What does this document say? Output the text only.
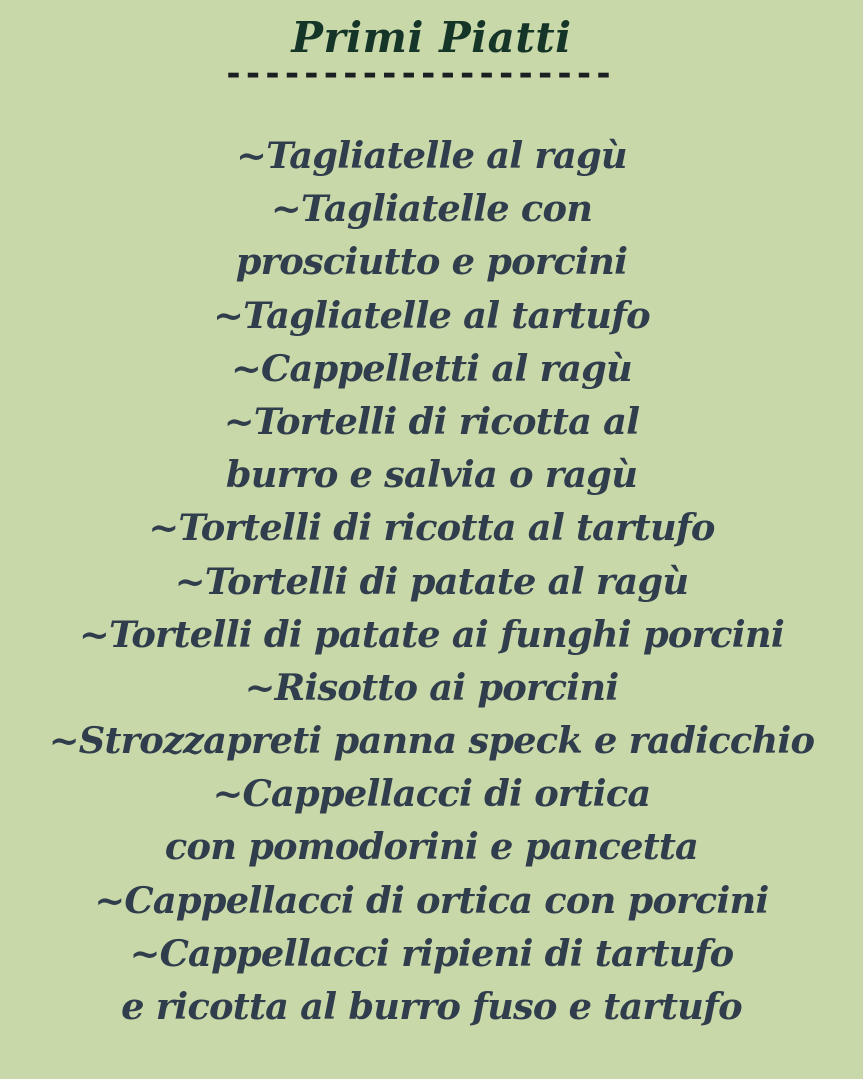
Primi Piatti
--------------------
~Tagliatelle al ragù
~Tagliatelle con
prosciutto e porcini
~Tagliatelle al tartufo
~Cappelletti al ragù
~Tortelli di ricotta al
burro e salvia o ragù
~Tortelli di ricotta al tartufo
~Tortelli di patate al ragù
~Tortelli di patate ai funghi porcini
~Risotto ai porcini
~Strozzapreti panna speck e radicchio
~Cappellacci di ortica
con pomodorini e pancetta
~Cappellacci di ortica con porcini
~Cappellacci ripieni di tartufo
e ricotta al burro fuso e tartufo
